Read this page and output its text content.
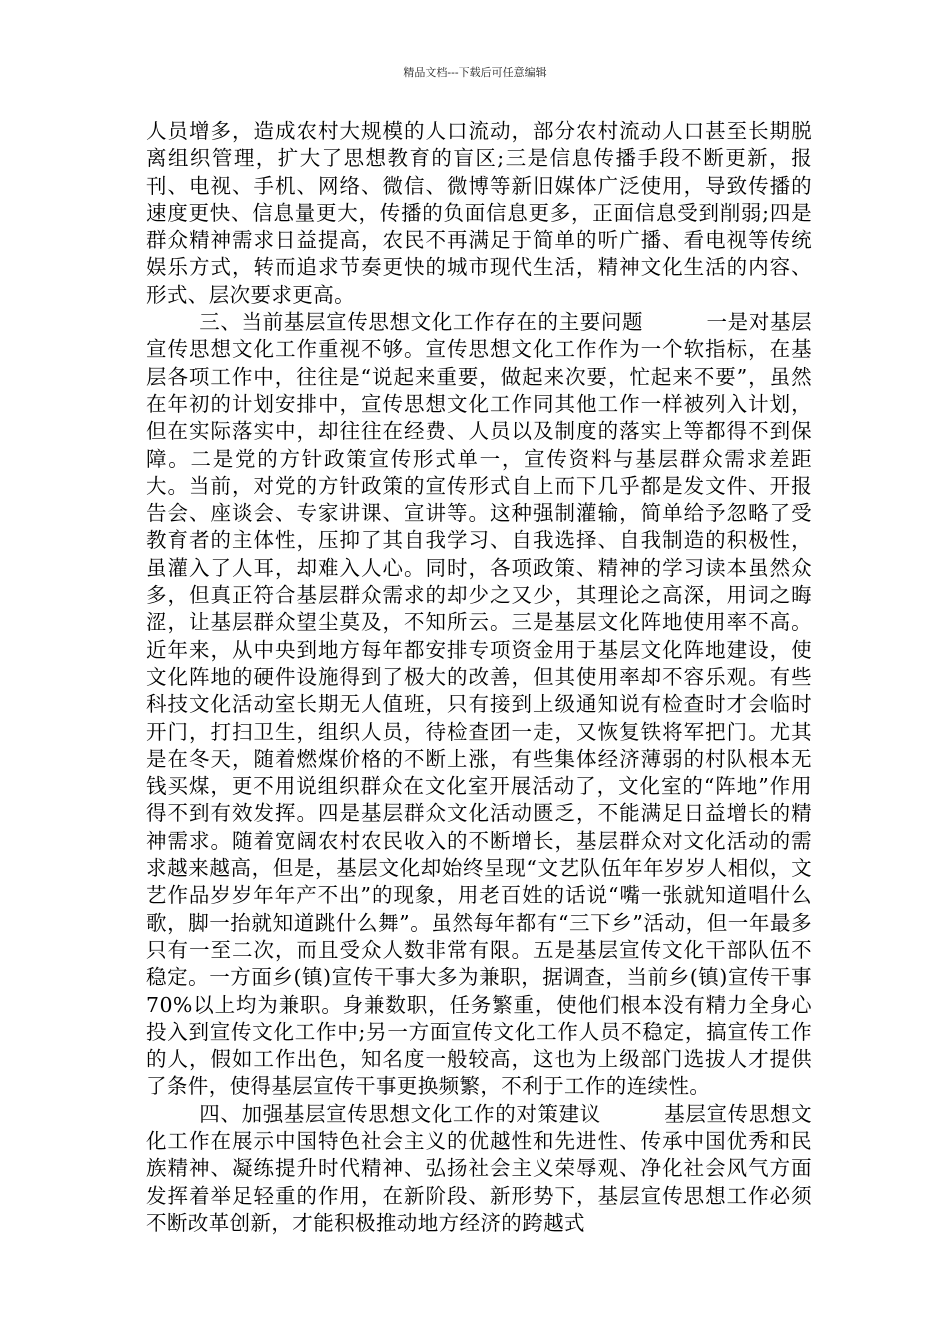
精品文档---下载后可任意编辑

人员增多，造成农村大规模的人口流动，部分农村流动人口甚至长期脱离组织管理，扩大了思想教育的盲区;三是信息传播手段不断更新，报刊、电视、手机、网络、微信、微博等新旧媒体广泛使用，导致传播的速度更快、信息量更大，传播的负面信息更多，正面信息受到削弱;四是群众精神需求日益提高，农民不再满足于简单的听广播、看电视等传统娱乐方式，转而追求节奏更快的城市现代生活，精神文化生活的内容、形式、层次要求更高。

三、当前基层宣传思想文化工作存在的主要问题　　　一是对基层宣传思想文化工作重视不够。宣传思想文化工作作为一个软指标，在基层各项工作中，往往是“说起来重要，做起来次要，忙起来不要”，虽然在年初的计划安排中，宣传思想文化工作同其他工作一样被列入计划，但在实际落实中，却往往在经费、人员以及制度的落实上等都得不到保障。二是党的方针政策宣传形式单一，宣传资料与基层群众需求差距大。当前，对党的方针政策的宣传形式自上而下几乎都是发文件、开报告会、座谈会、专家讲课、宣讲等。这种强制灌输，简单给予忽略了受教育者的主体性，压抑了其自我学习、自我选择、自我制造的积极性，虽灌入了人耳，却难入人心。同时，各项政策、精神的学习读本虽然众多，但真正符合基层群众需求的却少之又少，其理论之高深，用词之晦涩，让基层群众望尘莫及，不知所云。三是基层文化阵地使用率不高。近年来，从中央到地方每年都安排专项资金用于基层文化阵地建设，使文化阵地的硬件设施得到了极大的改善，但其使用率却不容乐观。有些科技文化活动室长期无人值班，只有接到上级通知说有检查时才会临时开门，打扫卫生，组织人员，待检查团一走，又恢复铁将军把门。尤其是在冬天，随着燃煤价格的不断上涨，有些集体经济薄弱的村队根本无钱买煤，更不用说组织群众在文化室开展活动了，文化室的“阵地”作用得不到有效发挥。四是基层群众文化活动匮乏，不能满足日益增长的精神需求。随着宽阔农村农民收入的不断增长，基层群众对文化活动的需求越来越高，但是，基层文化却始终呈现“文艺队伍年年岁岁人相似，文艺作品岁岁年年产不出”的现象，用老百姓的话说“嘴一张就知道唱什么歌，脚一抬就知道跳什么舞”。虽然每年都有“三下乡”活动，但一年最多只有一至二次，而且受众人数非常有限。五是基层宣传文化干部队伍不稳定。一方面乡(镇)宣传干事大多为兼职，据调查，当前乡(镇)宣传干事70%以上均为兼职。身兼数职，任务繁重，使他们根本没有精力全身心投入到宣传文化工作中;另一方面宣传文化工作人员不稳定，搞宣传工作的人，假如工作出色，知名度一般较高，这也为上级部门选拔人才提供了条件，使得基层宣传干事更换频繁，不利于工作的连续性。

四、加强基层宣传思想文化工作的对策建议　　　基层宣传思想文化工作在展示中国特色社会主义的优越性和先进性、传承中国优秀和民族精神、凝练提升时代精神、弘扬社会主义荣辱观、净化社会风气方面发挥着举足轻重的作用，在新阶段、新形势下，基层宣传思想工作必须不断改革创新，才能积极推动地方经济的跨越式
